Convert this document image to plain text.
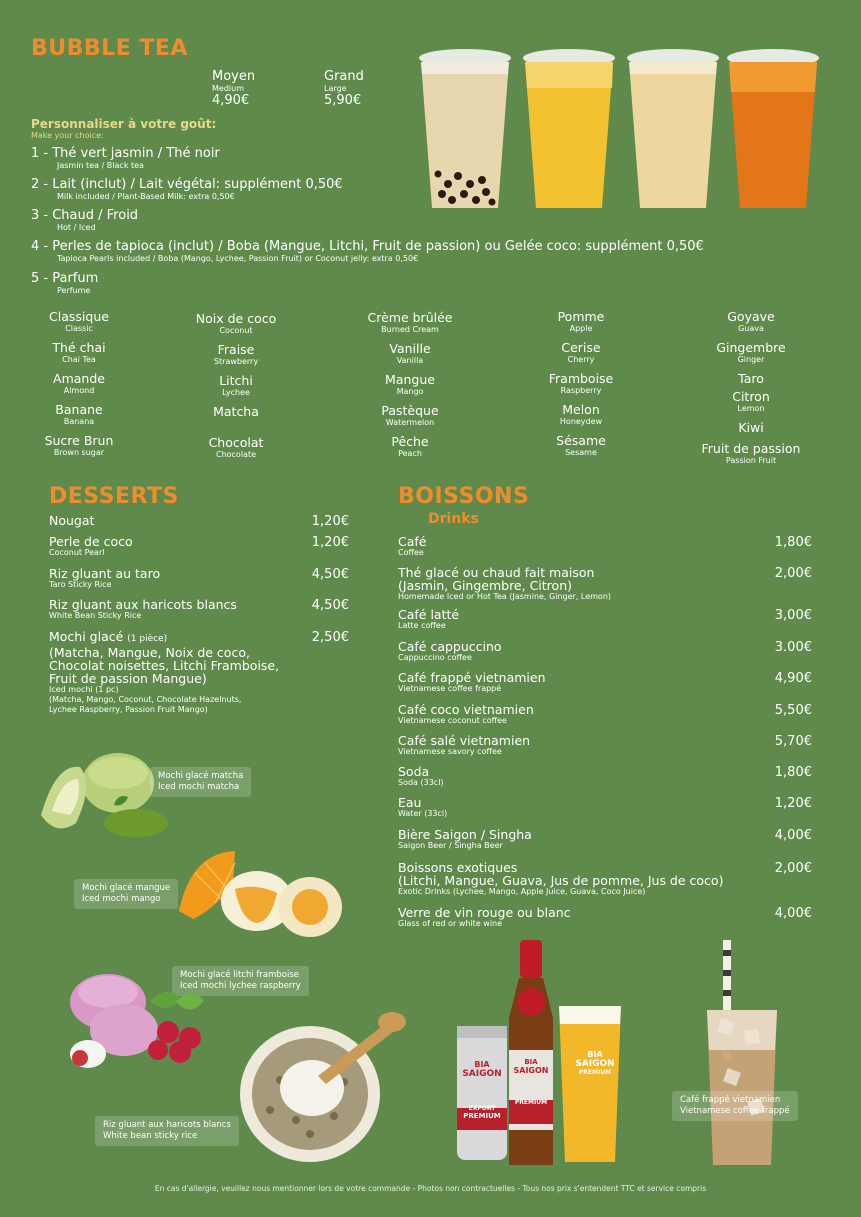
BUBBLE TEA
Moyen
Medium
4,90€
Grand
Large
5,90€
Personnaliser à votre goût:
Make your choice:
1 - Thé vert jasmin / Thé noir
Jasmin tea / Black tea
2 - Lait (inclut) / Lait végétal: supplément 0,50€
Milk included / Plant-Based Milk: extra 0,50€
3 - Chaud / Froid
Hot / Iced
4 - Perles de tapioca (inclut) / Boba (Mangue, Litchi, Fruit de passion) ou Gelée coco: supplément 0,50€
Tapioca Pearls included / Boba (Mango, Lychee, Passion Fruit) or Coconut jelly: extra 0,50€
5 - Parfum
Perfume
Classique
Classic
Thé chai
Chai Tea
Amande
Almond
Banane
Banana
Sucre Brun
Brown sugar
Noix de coco
Coconut
Fraise
Strawberry
Litchi
Lychee
Matcha
Chocolat
Chocolate
Crème brûlée
Burned Cream
Vanille
Vanilla
Mangue
Mango
Pastèque
Watermelon
Pêche
Peach
Pomme
Apple
Cerise
Cherry
Framboise
Raspberry
Melon
Honeydew
Sésame
Sesame
Goyave
Guava
Gingembre
Ginger
Taro
Citron
Lemon
Kiwi
Fruit de passion
Passion Fruit
DESSERTS
Nougat	1,20€
Perle de coco
Coconut Pearl
1,20€
Riz gluant au taro
Taro Sticky Rice
4,50€
Riz gluant aux haricots blancs
White Bean Sticky Rice
4,50€
Mochi glacé (1 pièce)
(Matcha, Mangue, Noix de coco,
Chocolat noisettes, Litchi Framboise,
Fruit de passion Mangue)
Iced mochi (1 pc)
(Matcha, Mango, Coconut, Chocolate Hazelnuts,
Lychee Raspberry, Passion Fruit Mango)
2,50€
BOISSONS
Drinks
Café
Coffee
1,80€
Thé glacé ou chaud fait maison
(Jasmin, Gingembre, Citron)
Homemade Iced or Hot Tea (Jasmine, Ginger, Lemon)
2,00€
Café latté
Latte coffee
3,00€
Café cappuccino
Cappuccino coffee
3.00€
Café frappé vietnamien
Vietnamese coffee frappé
4,90€
Café coco vietnamien
Vietnamese coconut coffee
5,50€
Café salé vietnamien
Vietnamese savory coffee
5,70€
Soda
Soda (33cl)
1,80€
Eau
Water (33cl)
1,20€
Bière Saigon / Singha
Saigon Beer / Singha Beer
4,00€
Boissons exotiques
(Litchi, Mangue, Guava, Jus de pomme, Jus de coco)
Exotic Drinks (Lychee, Mango, Apple Juice, Guava, Coco Juice)
2,00€
Verre de vin rouge ou blanc
Glass of red or white wine
4,00€
Mochi glacé matcha
Iced mochi matcha
Mochi glacé mangue
Iced mochi mango
Mochi glacé litchi framboise
Iced mochi lychee raspberry
Riz gluant aux haricots blancs
White bean sticky rice
BIA
SAIGON
EXPORT
PREMIUM
BIA
SAIGON
PREMIUM
BIA
SAIGON
PREMIUM
Café frappé vietnamien
Vietnamese coffee frappé
En cas d'allergie, veuillez nous mentionner lors de votre commande - Photos non contractuelles - Tous nos prix s'entendent TTC et service compris
